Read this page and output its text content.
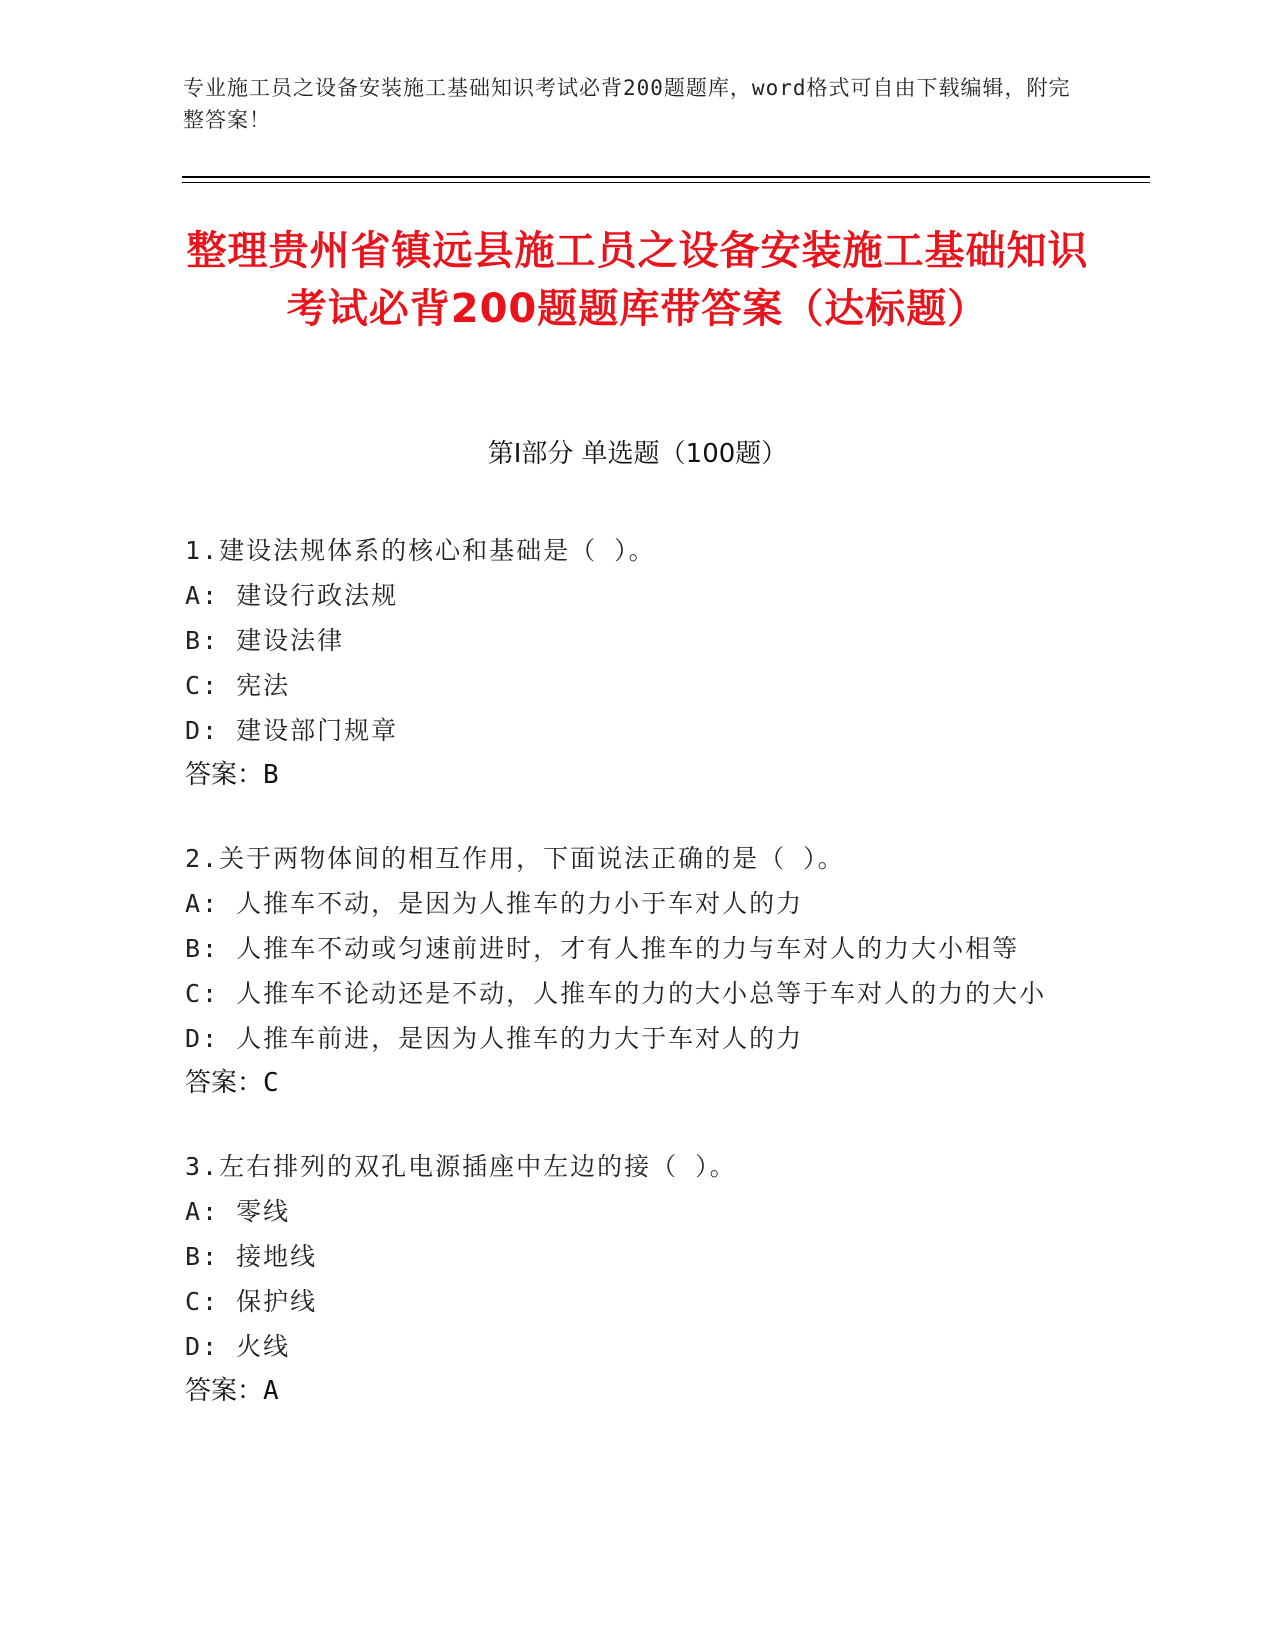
专业施工员之设备安装施工基础知识考试必背200题题库，word格式可自由下载编辑，附完整答案！
整理贵州省镇远县施工员之设备安装施工基础知识考试必背200题题库带答案（达标题）
第I部分 单选题（100题）
1.建设法规体系的核心和基础是（ ）。
A: 建设行政法规
B: 建设法律
C: 宪法
D: 建设部门规章
答案：B
2.关于两物体间的相互作用，下面说法正确的是（ ）。
A: 人推车不动，是因为人推车的力小于车对人的力
B: 人推车不动或匀速前进时，才有人推车的力与车对人的力大小相等
C: 人推车不论动还是不动，人推车的力的大小总等于车对人的力的大小
D: 人推车前进，是因为人推车的力大于车对人的力
答案：C
3.左右排列的双孔电源插座中左边的接（ ）。
A: 零线
B: 接地线
C: 保护线
D: 火线
答案：A
